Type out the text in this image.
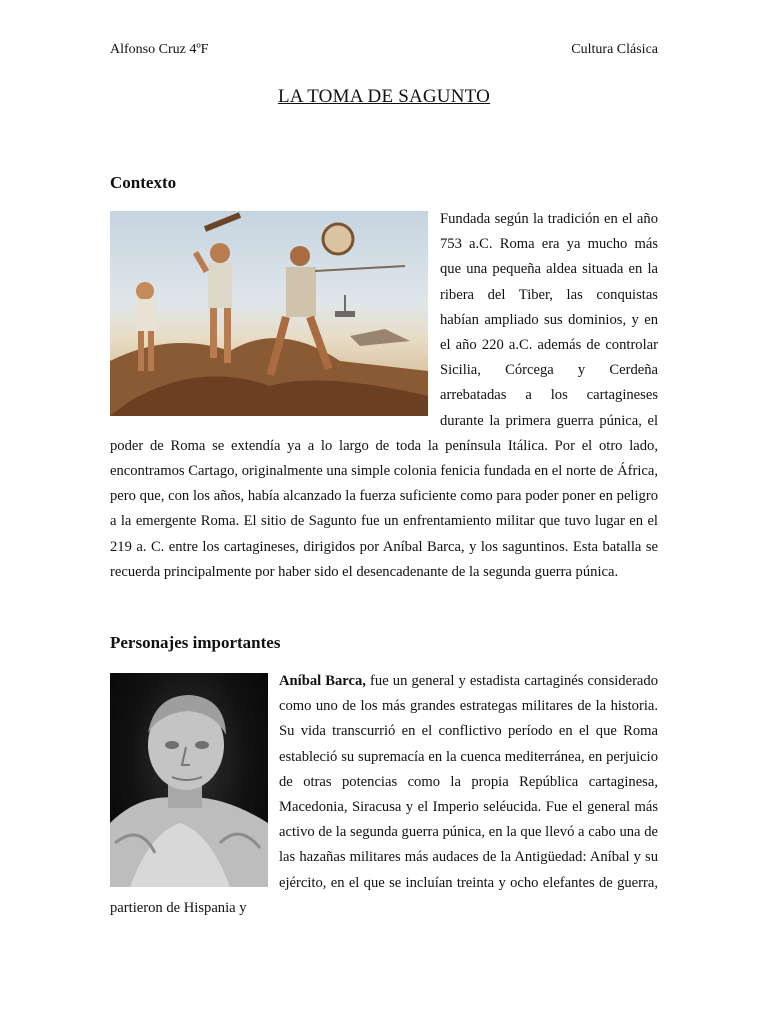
Alfonso Cruz 4ºF	Cultura Clásica
LA TOMA DE SAGUNTO
Contexto

Fundada según la tradición en el año 753 a.C. Roma era ya mucho más que una pequeña aldea situada en la ribera del Tiber, las conquistas habían ampliado sus dominios, y en el año 220 a.C. además de controlar Sicilia, Córcega y Cerdeña arrebatadas a los cartagineses durante la primera guerra púnica, el poder de Roma se extendía ya a lo largo de toda la península Itálica. Por el otro lado, encontramos Cartago, originalmente una simple colonia fenicia fundada en el norte de África, pero que, con los años, había alcanzado la fuerza suficiente como para poder poner en peligro a la emergente Roma. El sitio de Sagunto fue un enfrentamiento militar que tuvo lugar en el 219 a. C. entre los cartagineses, dirigidos por Aníbal Barca, y los saguntinos. Esta batalla se recuerda principalmente por haber sido el desencadenante de la segunda guerra púnica.

Personajes importantes

Aníbal Barca, fue un general y estadista cartaginés considerado como uno de los más grandes estrategas militares de la historia. Su vida transcurrió en el conflictivo período en el que Roma estableció su supremacía en la cuenca mediterránea, en perjuicio de otras potencias como la propia República cartaginesa, Macedonia, Siracusa y el Imperio seléucida. Fue el general más activo de la segunda guerra púnica, en la que llevó a cabo una de las hazañas militares más audaces de la Antigüedad: Aníbal y su ejército, en el que se incluían treinta y ocho elefantes de guerra, partieron de Hispania y
